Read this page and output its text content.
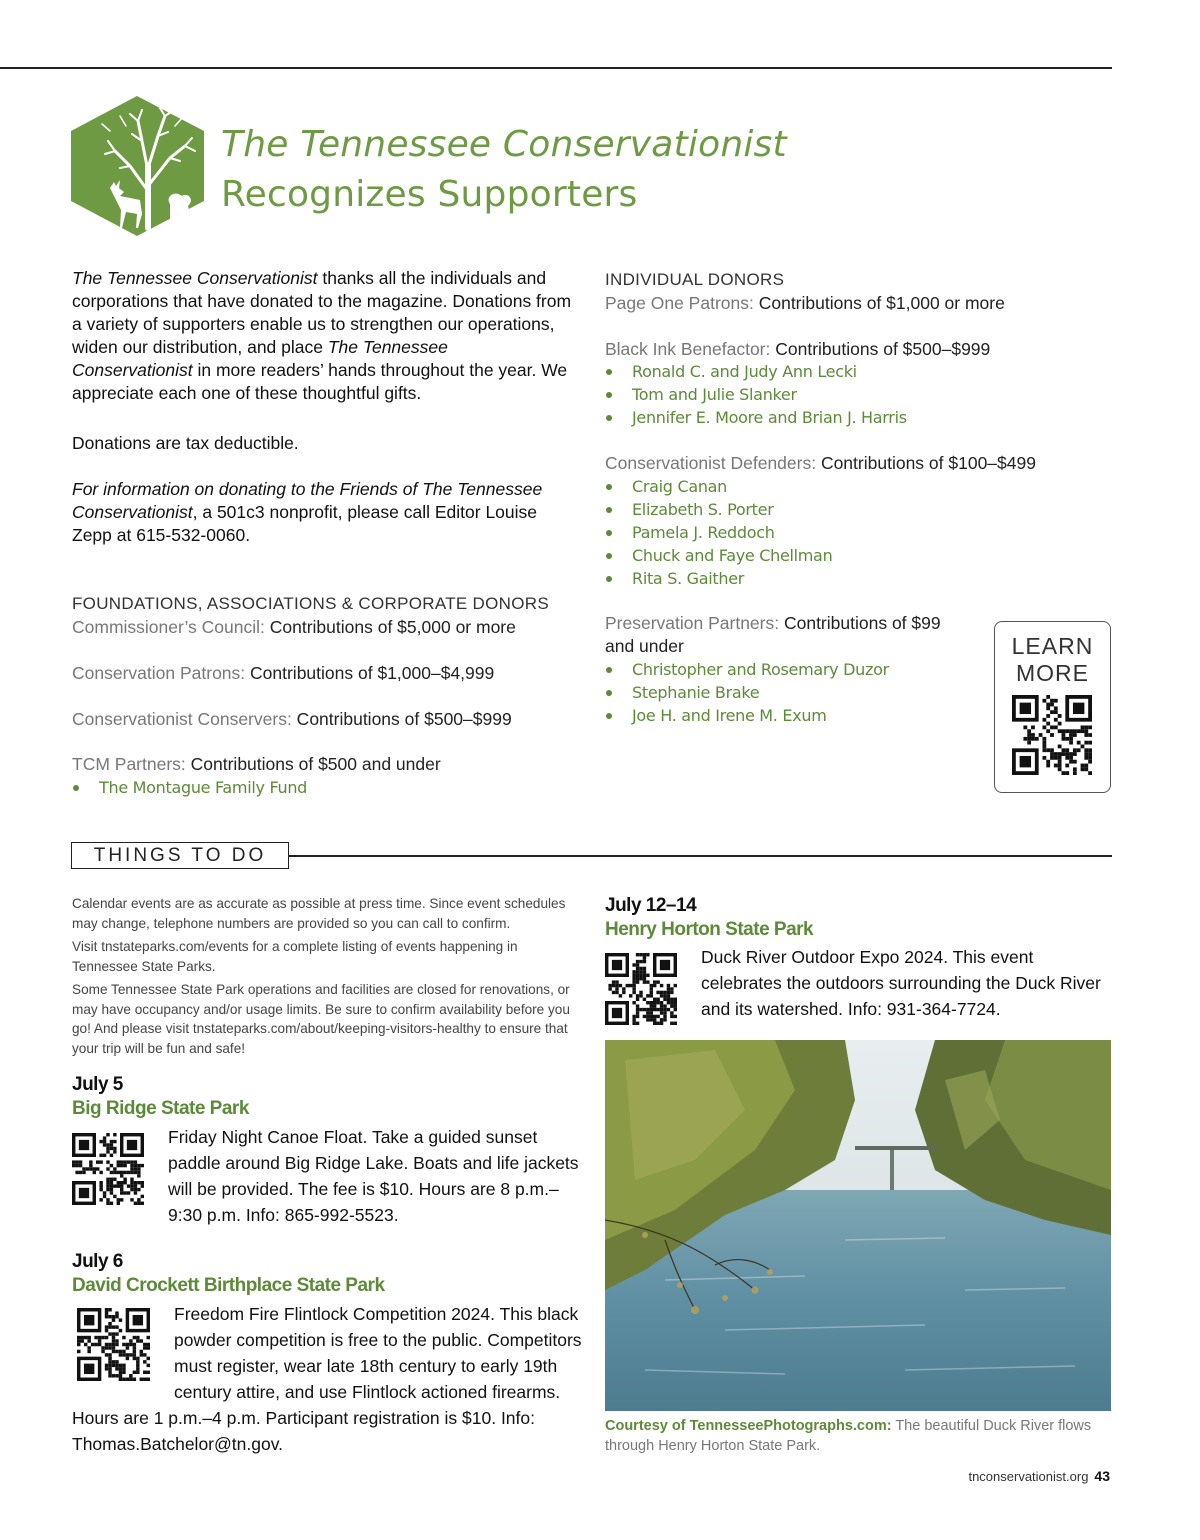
The Tennessee Conservationist
Recognizes Supporters

The Tennessee Conservationist thanks all the individuals and corporations that have donated to the magazine. Donations from a variety of supporters enable us to strengthen our operations, widen our distribution, and place The Tennessee Conservationist in more readers’ hands throughout the year. We appreciate each one of these thoughtful gifts.

Donations are tax deductible.

For information on donating to the Friends of The Tennessee Conservationist, a 501c3 nonprofit, please call Editor Louise Zepp at 615-532-0060.

FOUNDATIONS, ASSOCIATIONS & CORPORATE DONORS
Commissioner’s Council: Contributions of $5,000 or more
Conservation Patrons: Contributions of $1,000–$4,999
Conservationist Conservers: Contributions of $500–$999
TCM Partners: Contributions of $500 and under
The Montague Family Fund
INDIVIDUAL DONORS
Page One Patrons: Contributions of $1,000 or more
Black Ink Benefactor: Contributions of $500–$999
Ronald C. and Judy Ann Lecki
Tom and Julie Slanker
Jennifer E. Moore and Brian J. Harris
Conservationist Defenders: Contributions of $100–$499
Craig Canan
Elizabeth S. Porter
Pamela J. Reddoch
Chuck and Faye Chellman
Rita S. Gaither
Preservation Partners: Contributions of $99 and under
Christopher and Rosemary Duzor
Stephanie Brake
Joe H. and Irene M. Exum
LEARN
MORE
THINGS TO DO

Calendar events are as accurate as possible at press time. Since event schedules may change, telephone numbers are provided so you can call to confirm.

Visit tnstateparks.com/events for a complete listing of events happening in Tennessee State Parks.

Some Tennessee State Park operations and facilities are closed for renovations, or may have occupancy and/or usage limits. Be sure to confirm availability before you go! And please visit tnstateparks.com/about/keeping-visitors-healthy to ensure that your trip will be fun and safe!

July 5
Big Ridge State Park
Friday Night Canoe Float. Take a guided sunset paddle around Big Ridge Lake. Boats and life jackets will be provided. The fee is $10. Hours are 8 p.m.–9:30 p.m. Info: 865-992-5523.
July 6
David Crockett Birthplace State Park
Freedom Fire Flintlock Competition 2024. This black powder competition is free to the public. Competitors must register, wear late 18th century to early 19th century attire, and use Flintlock actioned firearms. Hours are 1 p.m.–4 p.m. Participant registration is $10. Info: Thomas.Batchelor@tn.gov.
July 12–14
Henry Horton State Park
Duck River Outdoor Expo 2024. This event celebrates the outdoors surrounding the Duck River and its watershed. Info: 931-364-7724.
Courtesy of TennesseePhotographs.com: The beautiful Duck River flows through Henry Horton State Park.
tnconservationist.org 43
